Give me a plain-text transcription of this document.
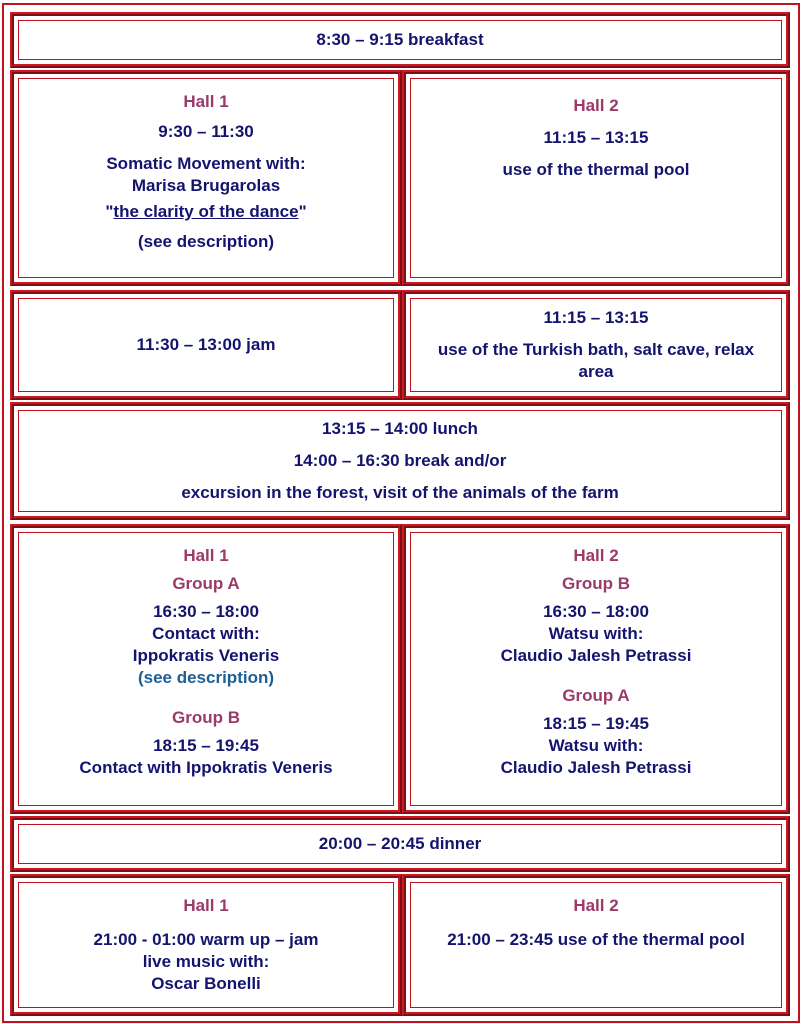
8:30 – 9:15 breakfast
Hall 1
9:30 – 11:30
Somatic Movement with:
Marisa Brugarolas
"the clarity of the dance"
(see description)
Hall 2
11:15 – 13:15
use of the thermal pool
11:30 – 13:00 jam
11:15 – 13:15
use of the Turkish bath, salt cave, relax
area
13:15 – 14:00 lunch
14:00 – 16:30 break and/or
excursion in the forest, visit of the animals of the farm
Hall 1
Group A
16:30 – 18:00
Contact with:
Ippokratis Veneris
(see description)
Group B
18:15 – 19:45
Contact with Ippokratis Veneris
Hall 2
Group B
16:30 – 18:00
Watsu with:
Claudio Jalesh Petrassi
Group A
18:15 – 19:45
Watsu with:
Claudio Jalesh Petrassi
20:00 – 20:45 dinner
Hall 1
21:00 - 01:00 warm up – jam
live music with:
Oscar Bonelli
Hall 2
21:00 – 23:45 use of the thermal pool
